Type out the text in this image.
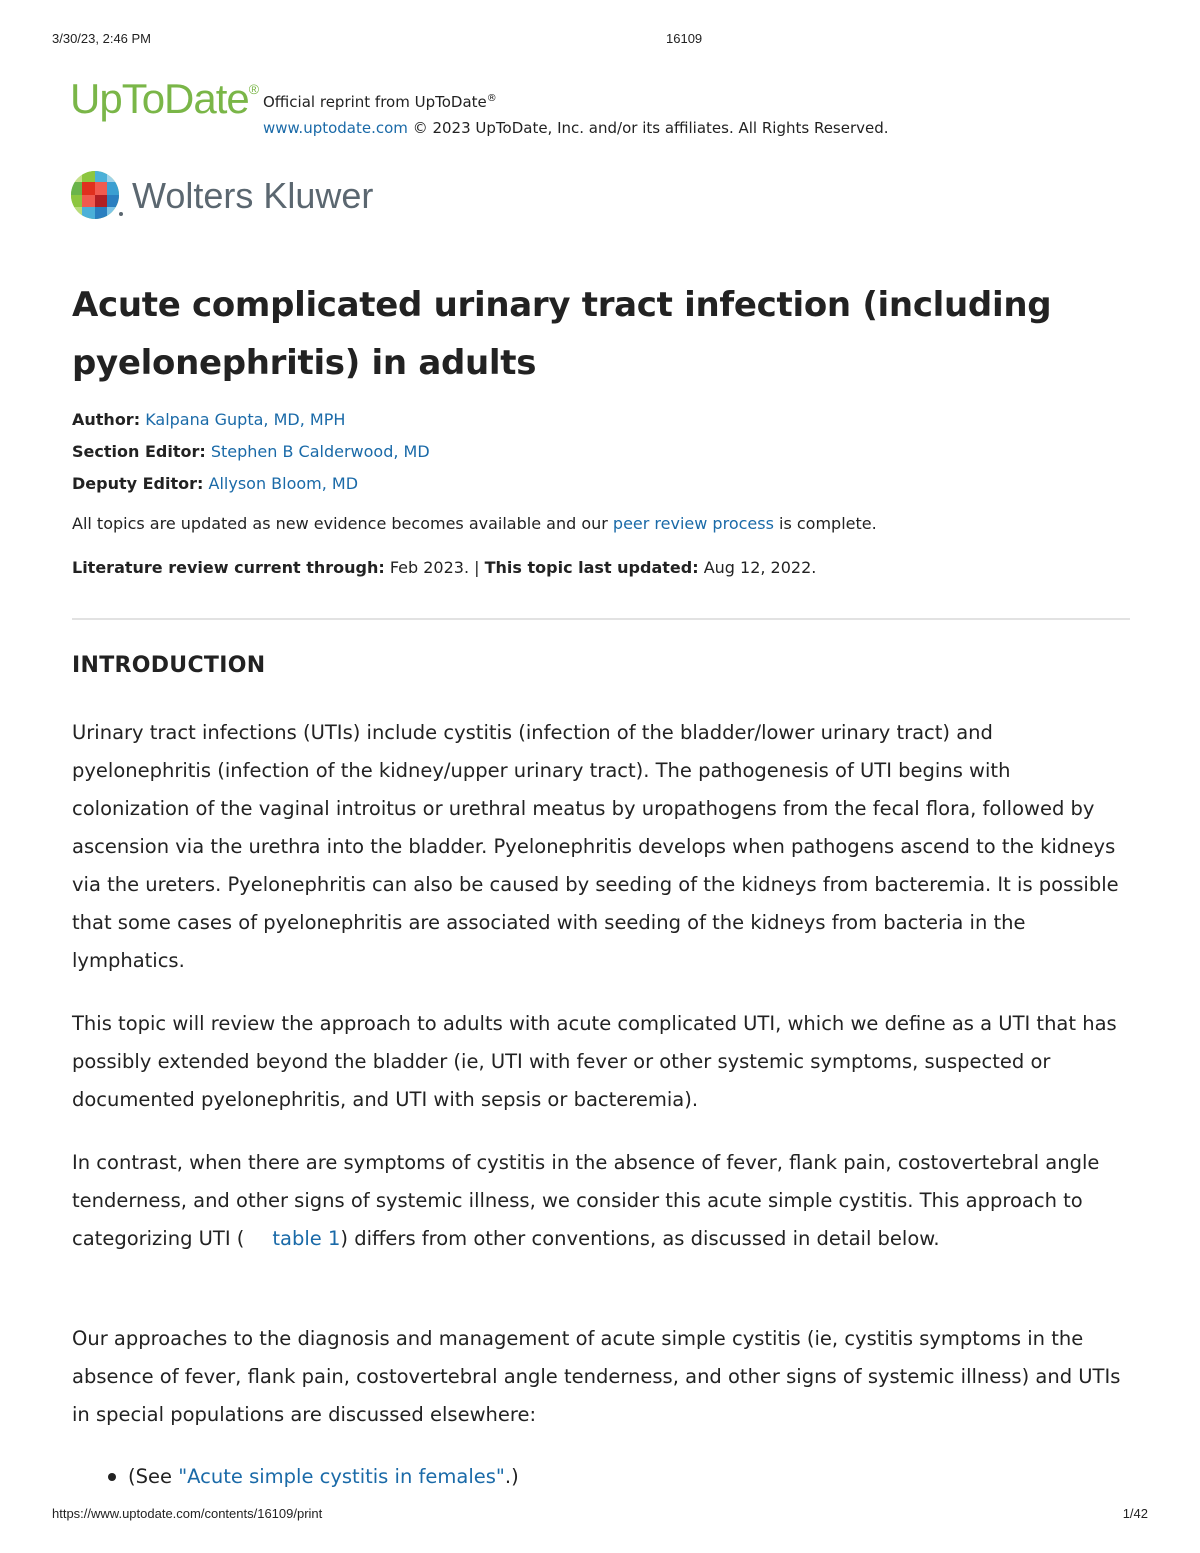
3/30/23, 2:46 PM	16109
UpToDate®
Official reprint from UpToDate®
www.uptodate.com © 2023 UpToDate, Inc. and/or its affiliates. All Rights Reserved.
Wolters Kluwer
Acute complicated urinary tract infection (including pyelonephritis) in adults
Author: Kalpana Gupta, MD, MPH
Section Editor: Stephen B Calderwood, MD
Deputy Editor: Allyson Bloom, MD
All topics are updated as new evidence becomes available and our peer review process is complete.
Literature review current through: Feb 2023. | This topic last updated: Aug 12, 2022.
INTRODUCTION

Urinary tract infections (UTIs) include cystitis (infection of the bladder/lower urinary tract) and pyelonephritis (infection of the kidney/upper urinary tract). The pathogenesis of UTI begins with colonization of the vaginal introitus or urethral meatus by uropathogens from the fecal flora, followed by ascension via the urethra into the bladder. Pyelonephritis develops when pathogens ascend to the kidneys via the ureters. Pyelonephritis can also be caused by seeding of the kidneys from bacteremia. It is possible that some cases of pyelonephritis are associated with seeding of the kidneys from bacteria in the lymphatics.

This topic will review the approach to adults with acute complicated UTI, which we define as a UTI that has possibly extended beyond the bladder (ie, UTI with fever or other systemic symptoms, suspected or documented pyelonephritis, and UTI with sepsis or bacteremia).

In contrast, when there are symptoms of cystitis in the absence of fever, flank pain, costovertebral angle tenderness, and other signs of systemic illness, we consider this acute simple cystitis. This approach to categorizing UTI ( table 1) differs from other conventions, as discussed in detail below.

Our approaches to the diagnosis and management of acute simple cystitis (ie, cystitis symptoms in the absence of fever, flank pain, costovertebral angle tenderness, and other signs of systemic illness) and UTIs in special populations are discussed elsewhere:

(See "Acute simple cystitis in females".)
https://www.uptodate.com/contents/16109/print	1/42
